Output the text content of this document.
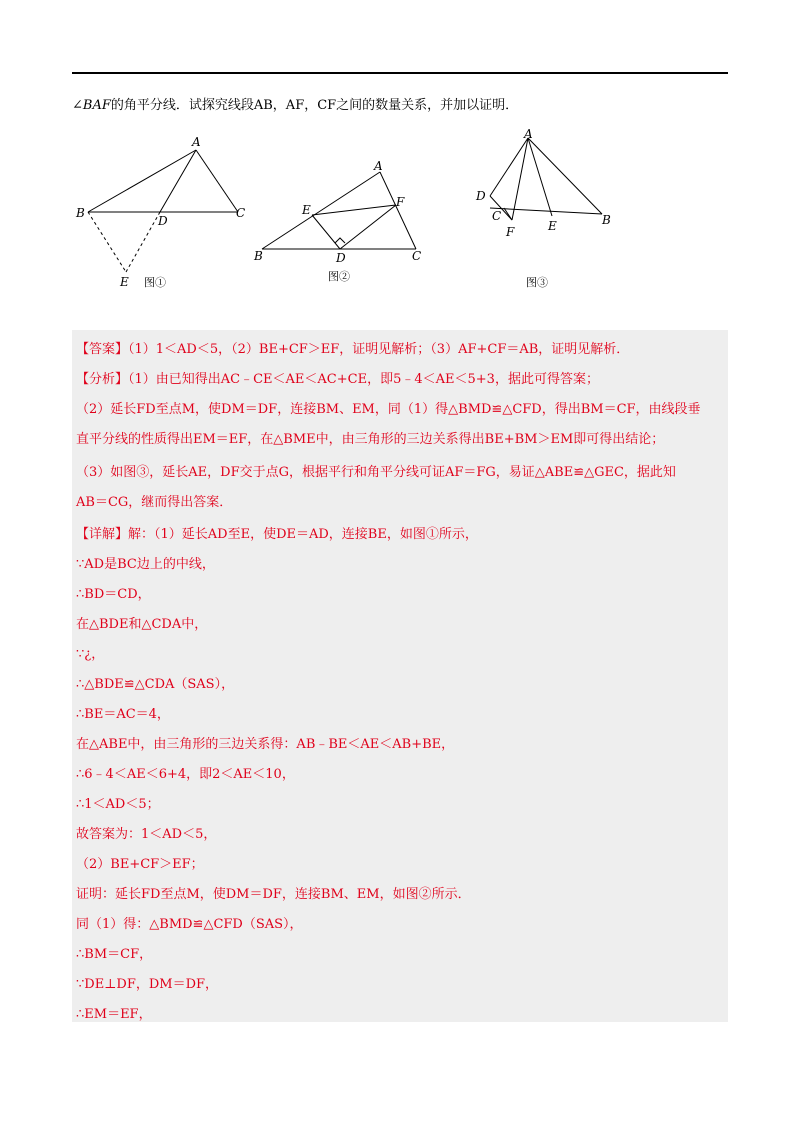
∠BAF的角平分线．试探究线段AB，AF，CF之间的数量关系，并加以证明．
A
B	C
D
E
A
B	C
D
E
F
A
B
C
D
E
F
图①	图②	图③
【答案】（1）1＜AD＜5，（2）BE+CF＞EF，证明见解析；（3）AF+CF＝AB，证明见解析．
【分析】（1）由已知得出AC﹣CE＜AE＜AC+CE，即5﹣4＜AE＜5+3，据此可得答案；
（2）延长FD至点M，使DM＝DF，连接BM、EM，同（1）得△BMD≌△CFD，得出BM＝CF，由线段垂
直平分线的性质得出EM＝EF，在△BME中，由三角形的三边关系得出BE+BM＞EM即可得出结论；
（3）如图③，延长AE，DF交于点G，根据平行和角平分线可证AF＝FG，易证△ABE≌△GEC，据此知
AB＝CG，继而得出答案．
【详解】解：（1）延长AD至E，使DE＝AD，连接BE，如图①所示，
∵AD是BC边上的中线，
∴BD＝CD，
在△BDE和△CDA中，
∵¿，
∴△BDE≌△CDA（SAS），
∴BE＝AC＝4，
在△ABE中，由三角形的三边关系得：AB﹣BE＜AE＜AB+BE，
∴6﹣4＜AE＜6+4，即2＜AE＜10，
∴1＜AD＜5；
故答案为：1＜AD＜5，
（2）BE+CF＞EF；
证明：延长FD至点M，使DM＝DF，连接BM、EM，如图②所示．
同（1）得：△BMD≌△CFD（SAS），
∴BM＝CF，
∵DE⊥DF，DM＝DF，
∴EM＝EF，
